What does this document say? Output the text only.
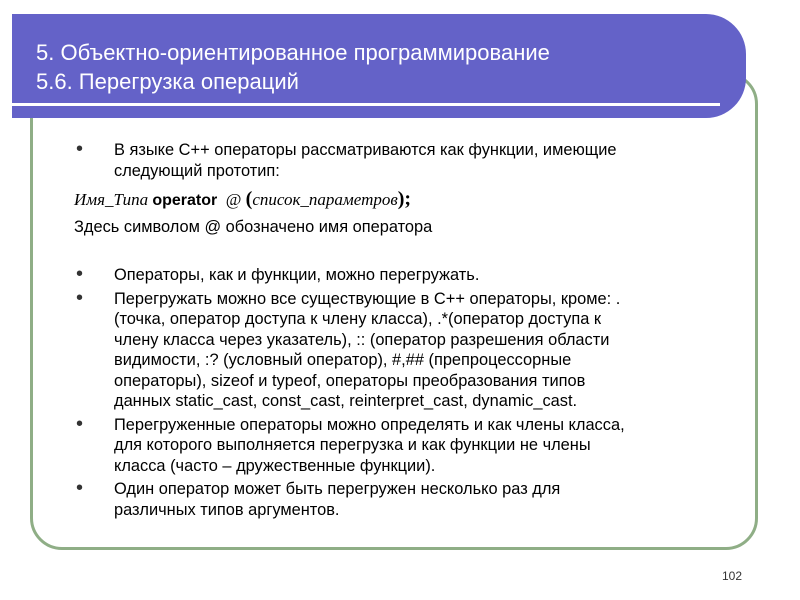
5. Объектно-ориентированное программирование
5.6. Перегрузка операций

• В языке С++ операторы рассматриваются как функции, имеющие
следующий прототип:

Имя_Типа operator @ (список_параметров);

Здесь символом @ обозначено имя оператора

• Операторы, как и функции, можно перегружать.

• Перегружать можно все существующие в С++ операторы, кроме: .
(точка, оператор доступа к члену класса), .*(оператор доступа к
члену класса через указатель), :: (оператор разрешения области
видимости, :? (условный оператор), #,## (препроцессорные
операторы), sizeof и typeof, операторы преобразования типов
данных static_cast, const_cast, reinterpret_cast, dynamic_cast.

• Перегруженные операторы можно определять и как члены класса,
для которого выполняется перегрузка и как функции не члены
класса (часто – дружественные функции).

• Один оператор может быть перегружен несколько раз для
различных типов аргументов.

102
